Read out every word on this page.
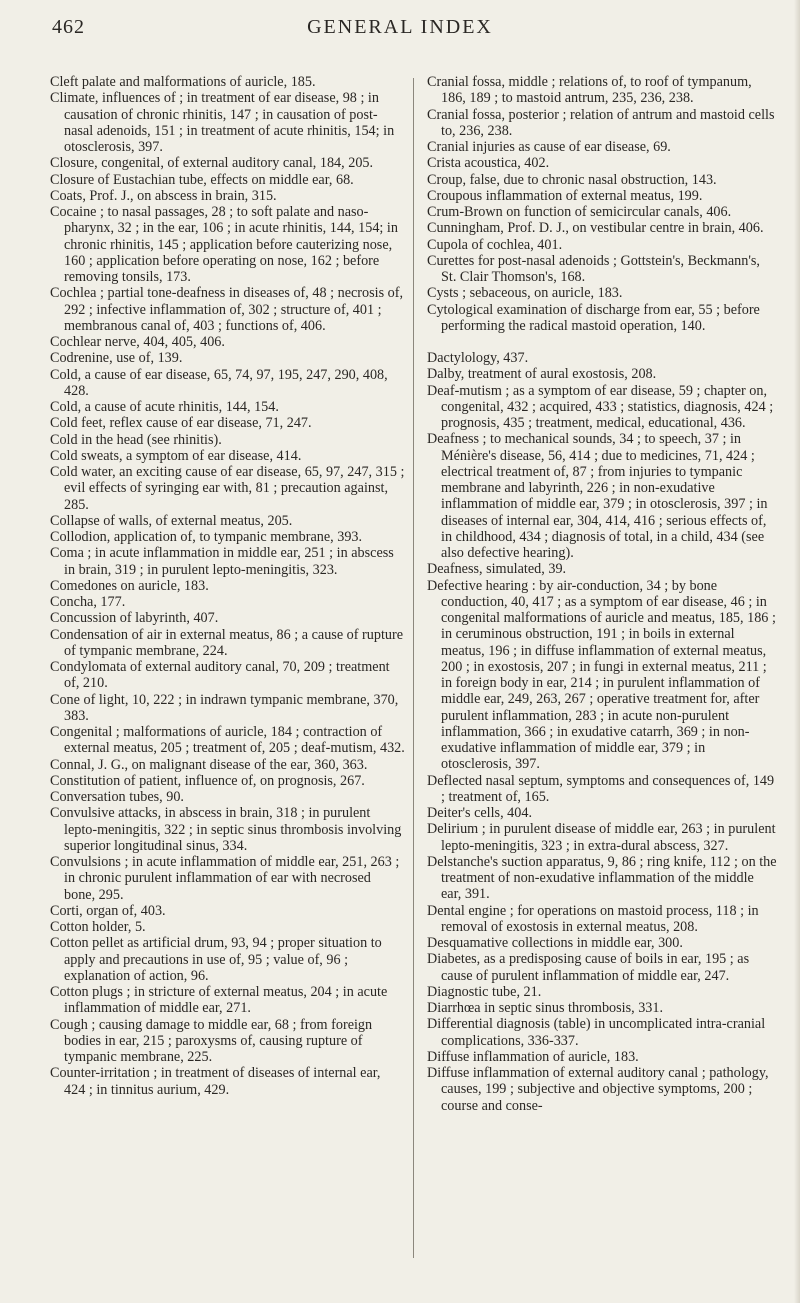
462	GENERAL INDEX

Cleft palate and malformations of auricle, 185.

Climate, influences of ; in treatment of ear disease, 98 ; in causation of chronic rhinitis, 147 ; in causation of post-nasal adenoids, 151 ; in treatment of acute rhinitis, 154; in otosclerosis, 397.

Closure, congenital, of external auditory canal, 184, 205.

Closure of Eustachian tube, effects on middle ear, 68.

Coats, Prof. J., on abscess in brain, 315.

Cocaine ; to nasal passages, 28 ; to soft palate and naso-pharynx, 32 ; in the ear, 106 ; in acute rhinitis, 144, 154; in chronic rhinitis, 145 ; application before cauterizing nose, 160 ; application before operating on nose, 162 ; before removing tonsils, 173.

Cochlea ; partial tone-deafness in diseases of, 48 ; necrosis of, 292 ; infective inflammation of, 302 ; structure of, 401 ; membranous canal of, 403 ; functions of, 406.

Cochlear nerve, 404, 405, 406.

Codrenine, use of, 139.

Cold, a cause of ear disease, 65, 74, 97, 195, 247, 290, 408, 428.

Cold, a cause of acute rhinitis, 144, 154.

Cold feet, reflex cause of ear disease, 71, 247.

Cold in the head (see rhinitis).

Cold sweats, a symptom of ear disease, 414.

Cold water, an exciting cause of ear disease, 65, 97, 247, 315 ; evil effects of syringing ear with, 81 ; precaution against, 285.

Collapse of walls, of external meatus, 205.

Collodion, application of, to tympanic membrane, 393.

Coma ; in acute inflammation in middle ear, 251 ; in abscess in brain, 319 ; in purulent lepto-meningitis, 323.

Comedones on auricle, 183.

Concha, 177.

Concussion of labyrinth, 407.

Condensation of air in external meatus, 86 ; a cause of rupture of tympanic membrane, 224.

Condylomata of external auditory canal, 70, 209 ; treatment of, 210.

Cone of light, 10, 222 ; in indrawn tympanic membrane, 370, 383.

Congenital ; malformations of auricle, 184 ; contraction of external meatus, 205 ; treatment of, 205 ; deaf-mutism, 432.

Connal, J. G., on malignant disease of the ear, 360, 363.

Constitution of patient, influence of, on prognosis, 267.

Conversation tubes, 90.

Convulsive attacks, in abscess in brain, 318 ; in purulent lepto-meningitis, 322 ; in septic sinus thrombosis involving superior longitudinal sinus, 334.

Convulsions ; in acute inflammation of middle ear, 251, 263 ; in chronic purulent inflammation of ear with necrosed bone, 295.

Corti, organ of, 403.

Cotton holder, 5.

Cotton pellet as artificial drum, 93, 94 ; proper situation to apply and precautions in use of, 95 ; value of, 96 ; explanation of action, 96.

Cotton plugs ; in stricture of external meatus, 204 ; in acute inflammation of middle ear, 271.

Cough ; causing damage to middle ear, 68 ; from foreign bodies in ear, 215 ; paroxysms of, causing rupture of tympanic membrane, 225.

Counter-irritation ; in treatment of diseases of internal ear, 424 ; in tinnitus aurium, 429.

Cranial fossa, middle ; relations of, to roof of tympanum, 186, 189 ; to mastoid antrum, 235, 236, 238.

Cranial fossa, posterior ; relation of antrum and mastoid cells to, 236, 238.

Cranial injuries as cause of ear disease, 69.

Crista acoustica, 402.

Croup, false, due to chronic nasal obstruction, 143.

Croupous inflammation of external meatus, 199.

Crum-Brown on function of semicircular canals, 406.

Cunningham, Prof. D. J., on vestibular centre in brain, 406.

Cupola of cochlea, 401.

Curettes for post-nasal adenoids ; Gottstein's, Beckmann's, St. Clair Thomson's, 168.

Cysts ; sebaceous, on auricle, 183.

Cytological examination of discharge from ear, 55 ; before performing the radical mastoid operation, 140.

Dactylology, 437.

Dalby, treatment of aural exostosis, 208.

Deaf-mutism ; as a symptom of ear disease, 59 ; chapter on, congenital, 432 ; acquired, 433 ; statistics, diagnosis, 424 ; prognosis, 435 ; treatment, medical, educational, 436.

Deafness ; to mechanical sounds, 34 ; to speech, 37 ; in Ménière's disease, 56, 414 ; due to medicines, 71, 424 ; electrical treatment of, 87 ; from injuries to tympanic membrane and labyrinth, 226 ; in non-exudative inflammation of middle ear, 379 ; in otosclerosis, 397 ; in diseases of internal ear, 304, 414, 416 ; serious effects of, in childhood, 434 ; diagnosis of total, in a child, 434 (see also defective hearing).

Deafness, simulated, 39.

Defective hearing : by air-conduction, 34 ; by bone conduction, 40, 417 ; as a symptom of ear disease, 46 ; in congenital malformations of auricle and meatus, 185, 186 ; in ceruminous obstruction, 191 ; in boils in external meatus, 196 ; in diffuse inflammation of external meatus, 200 ; in exostosis, 207 ; in fungi in external meatus, 211 ; in foreign body in ear, 214 ; in purulent inflammation of middle ear, 249, 263, 267 ; operative treatment for, after purulent inflammation, 283 ; in acute non-purulent inflammation, 366 ; in exudative catarrh, 369 ; in non-exudative inflammation of middle ear, 379 ; in otosclerosis, 397.

Deflected nasal septum, symptoms and consequences of, 149 ; treatment of, 165.

Deiter's cells, 404.

Delirium ; in purulent disease of middle ear, 263 ; in purulent lepto-meningitis, 323 ; in extra-dural abscess, 327.

Delstanche's suction apparatus, 9, 86 ; ring knife, 112 ; on the treatment of non-exudative inflammation of the middle ear, 391.

Dental engine ; for operations on mastoid process, 118 ; in removal of exostosis in external meatus, 208.

Desquamative collections in middle ear, 300.

Diabetes, as a predisposing cause of boils in ear, 195 ; as cause of purulent inflammation of middle ear, 247.

Diagnostic tube, 21.

Diarrhœa in septic sinus thrombosis, 331.

Differential diagnosis (table) in uncomplicated intra-cranial complications, 336-337.

Diffuse inflammation of auricle, 183.

Diffuse inflammation of external auditory canal ; pathology, causes, 199 ; subjective and objective symptoms, 200 ; course and conse-
